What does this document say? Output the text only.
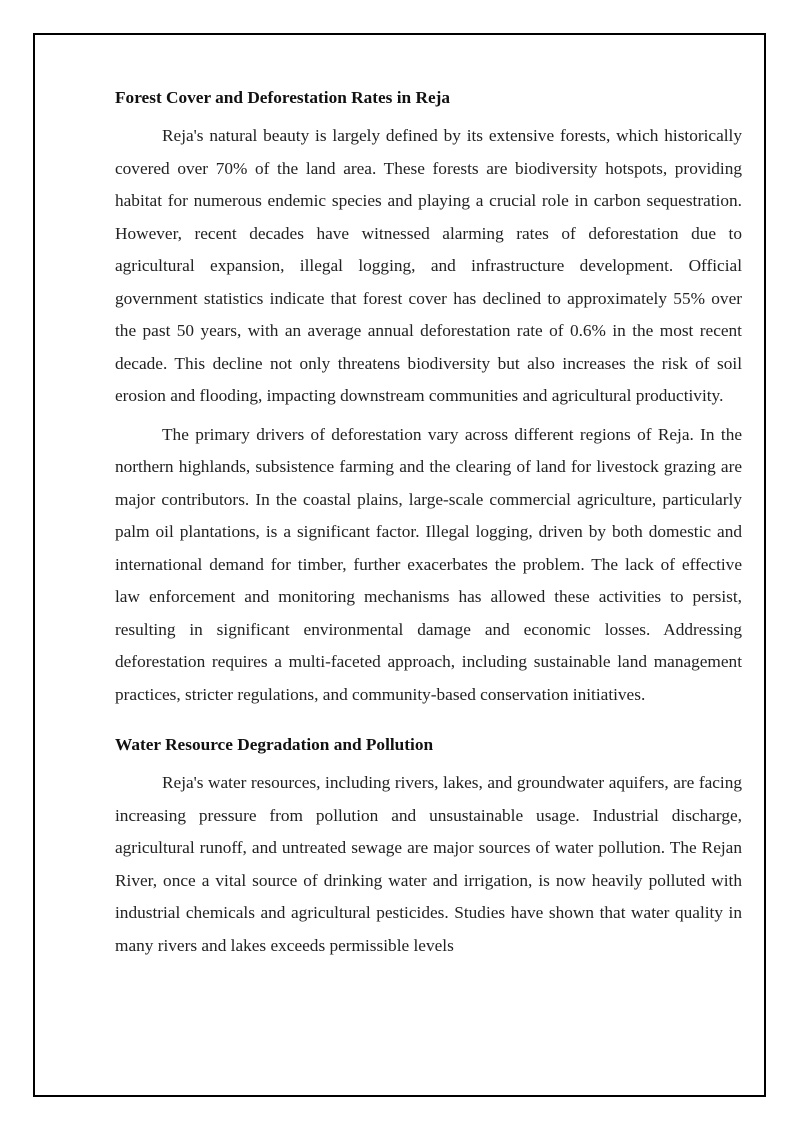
Forest Cover and Deforestation Rates in Reja

Reja's natural beauty is largely defined by its extensive forests, which historically covered over 70% of the land area. These forests are biodiversity hotspots, providing habitat for numerous endemic species and playing a crucial role in carbon sequestration. However, recent decades have witnessed alarming rates of deforestation due to agricultural expansion, illegal logging, and infrastructure development. Official government statistics indicate that forest cover has declined to approximately 55% over the past 50 years, with an average annual deforestation rate of 0.6% in the most recent decade. This decline not only threatens biodiversity but also increases the risk of soil erosion and flooding, impacting downstream communities and agricultural productivity.

The primary drivers of deforestation vary across different regions of Reja. In the northern highlands, subsistence farming and the clearing of land for livestock grazing are major contributors. In the coastal plains, large-scale commercial agriculture, particularly palm oil plantations, is a significant factor. Illegal logging, driven by both domestic and international demand for timber, further exacerbates the problem. The lack of effective law enforcement and monitoring mechanisms has allowed these activities to persist, resulting in significant environmental damage and economic losses. Addressing deforestation requires a multi-faceted approach, including sustainable land management practices, stricter regulations, and community-based conservation initiatives.

Water Resource Degradation and Pollution

Reja's water resources, including rivers, lakes, and groundwater aquifers, are facing increasing pressure from pollution and unsustainable usage. Industrial discharge, agricultural runoff, and untreated sewage are major sources of water pollution. The Rejan River, once a vital source of drinking water and irrigation, is now heavily polluted with industrial chemicals and agricultural pesticides. Studies have shown that water quality in many rivers and lakes exceeds permissible levels
